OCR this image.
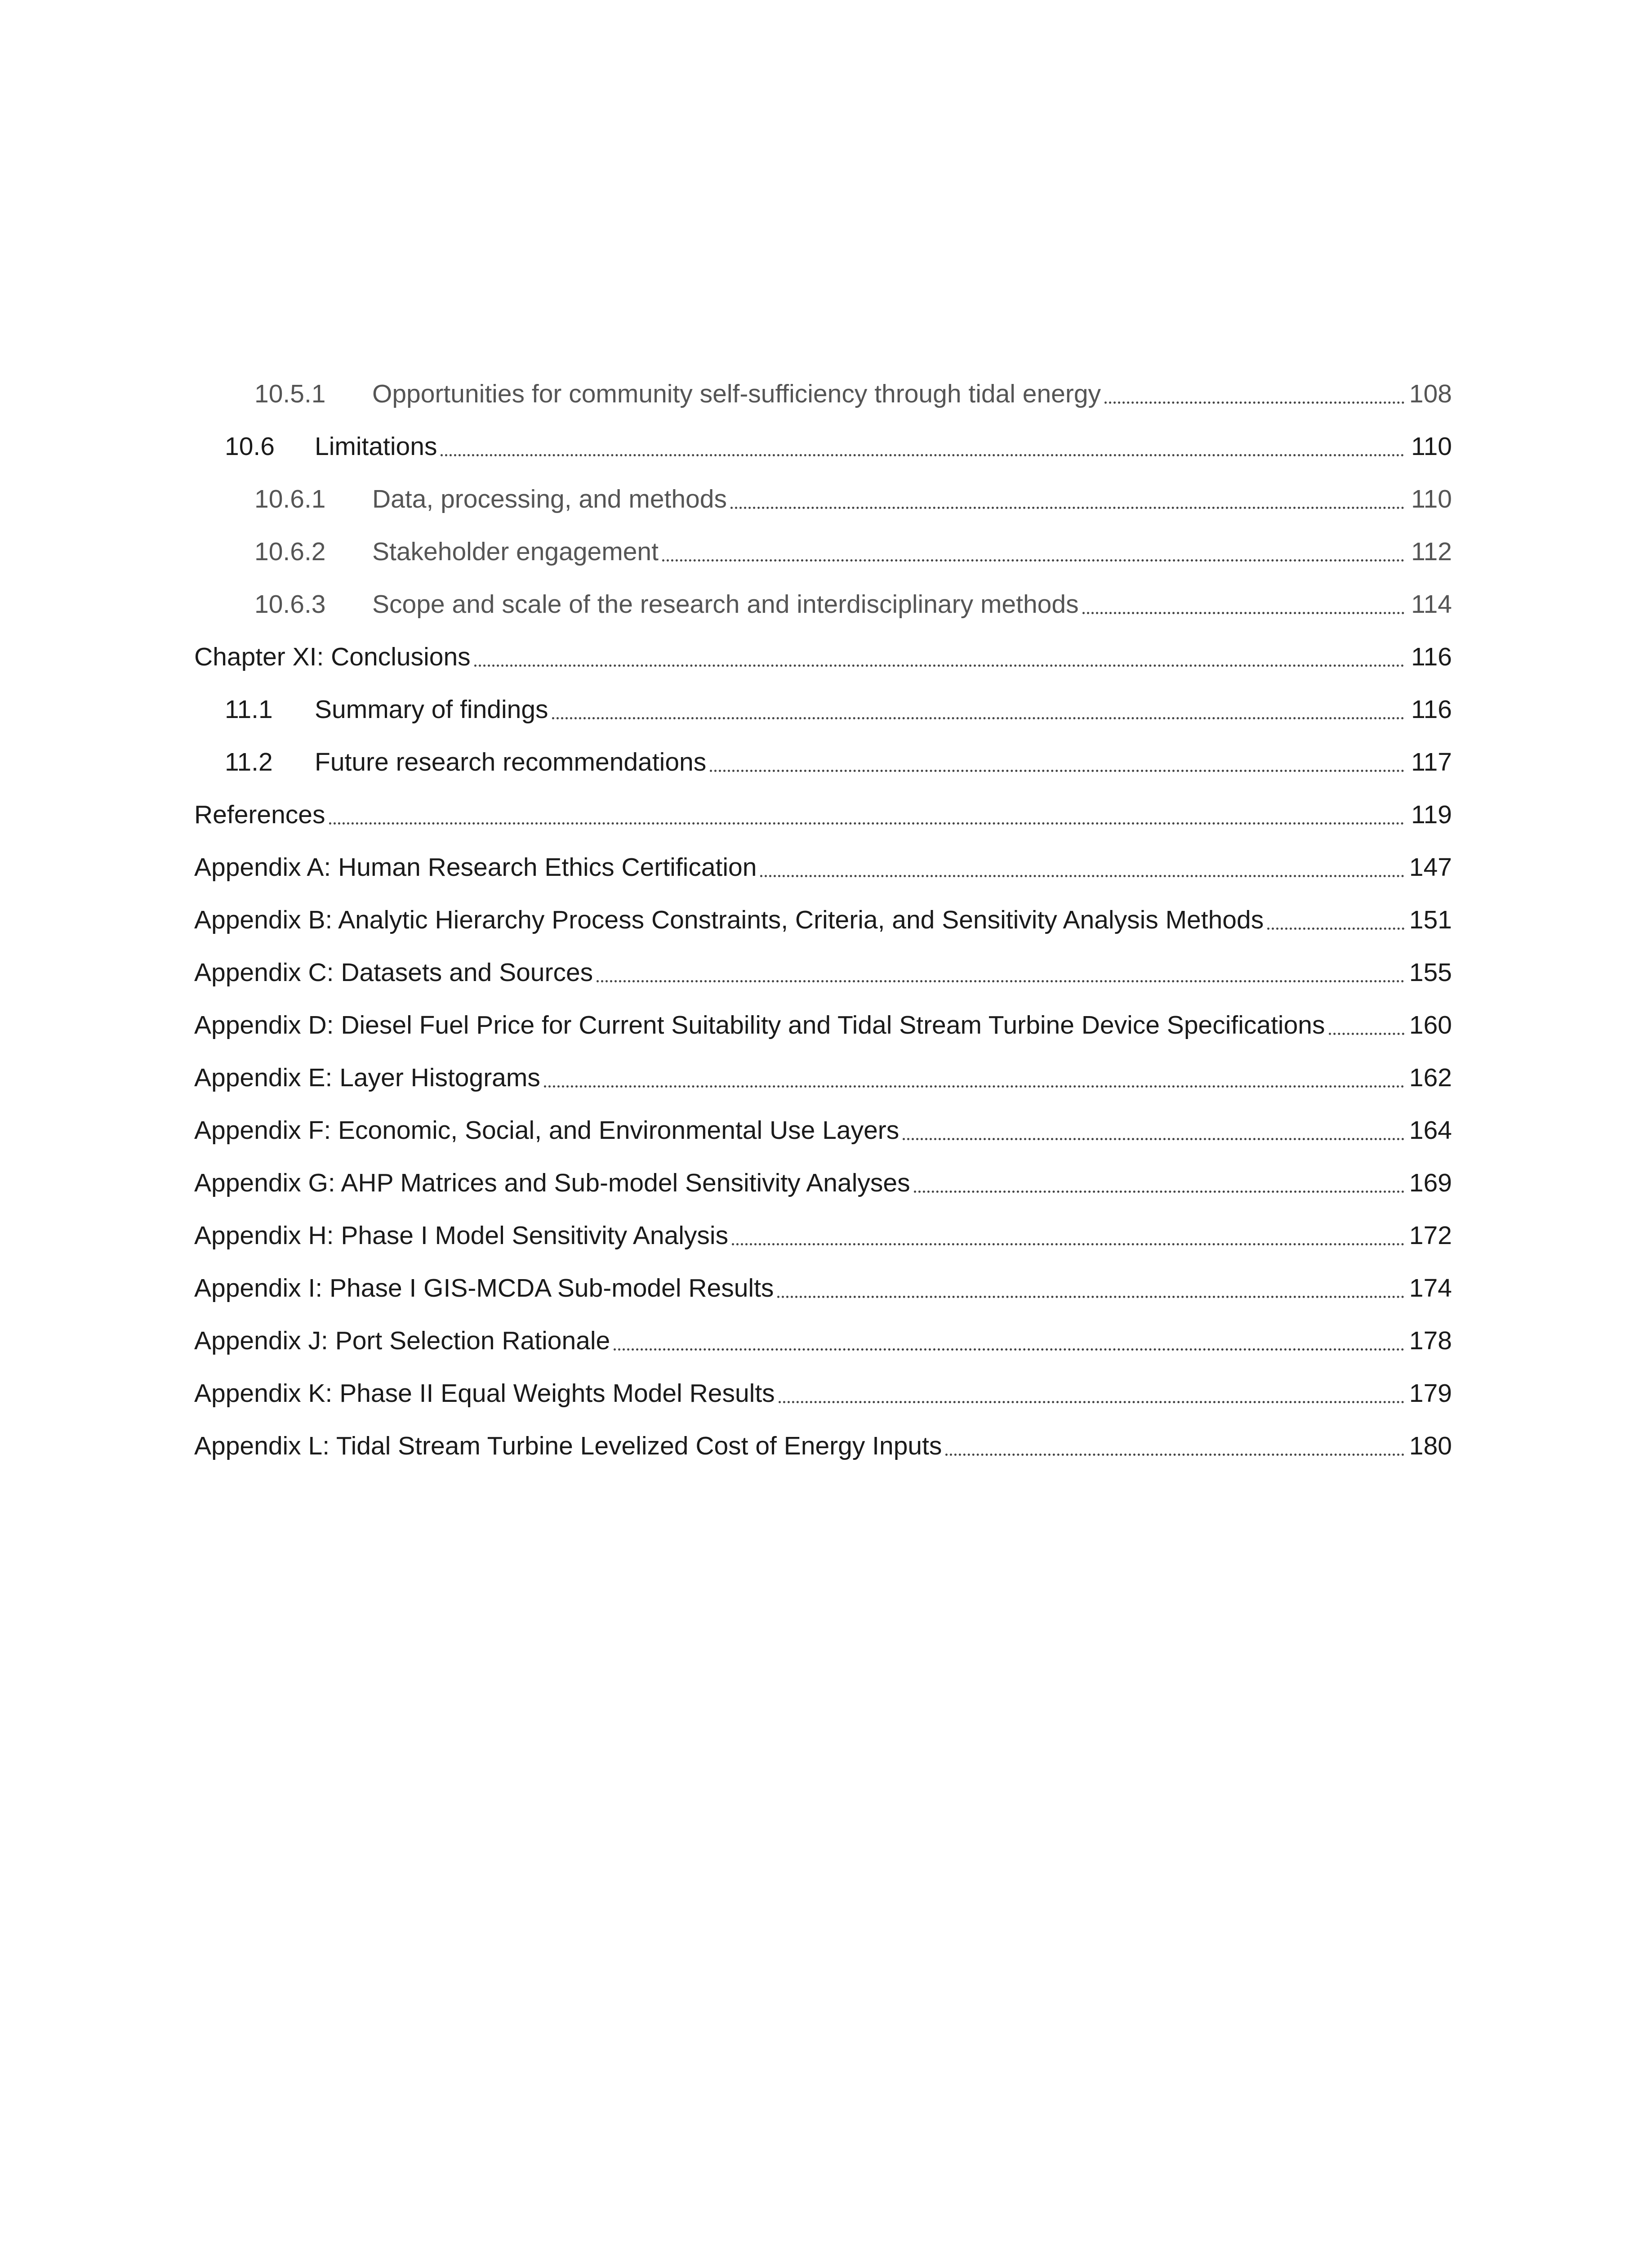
10.5.1	Opportunities for community self-sufficiency through tidal energy	108
10.6	Limitations	110
10.6.1	Data, processing, and methods	110
10.6.2	Stakeholder engagement	112
10.6.3	Scope and scale of the research and interdisciplinary methods	114
Chapter XI: Conclusions	116
11.1	Summary of findings	116
11.2	Future research recommendations	117
References	119
Appendix A: Human Research Ethics Certification	147
Appendix B: Analytic Hierarchy Process Constraints, Criteria, and Sensitivity Analysis Methods	151
Appendix C: Datasets and Sources	155
Appendix D: Diesel Fuel Price for Current Suitability and Tidal Stream Turbine Device Specifications	160
Appendix E: Layer Histograms	162
Appendix F: Economic, Social, and Environmental Use Layers	164
Appendix G: AHP Matrices and Sub-model Sensitivity Analyses	169
Appendix H: Phase I Model Sensitivity Analysis	172
Appendix I: Phase I GIS-MCDA Sub-model Results	174
Appendix J: Port Selection Rationale	178
Appendix K: Phase II Equal Weights Model Results	179
Appendix L: Tidal Stream Turbine Levelized Cost of Energy Inputs	180
